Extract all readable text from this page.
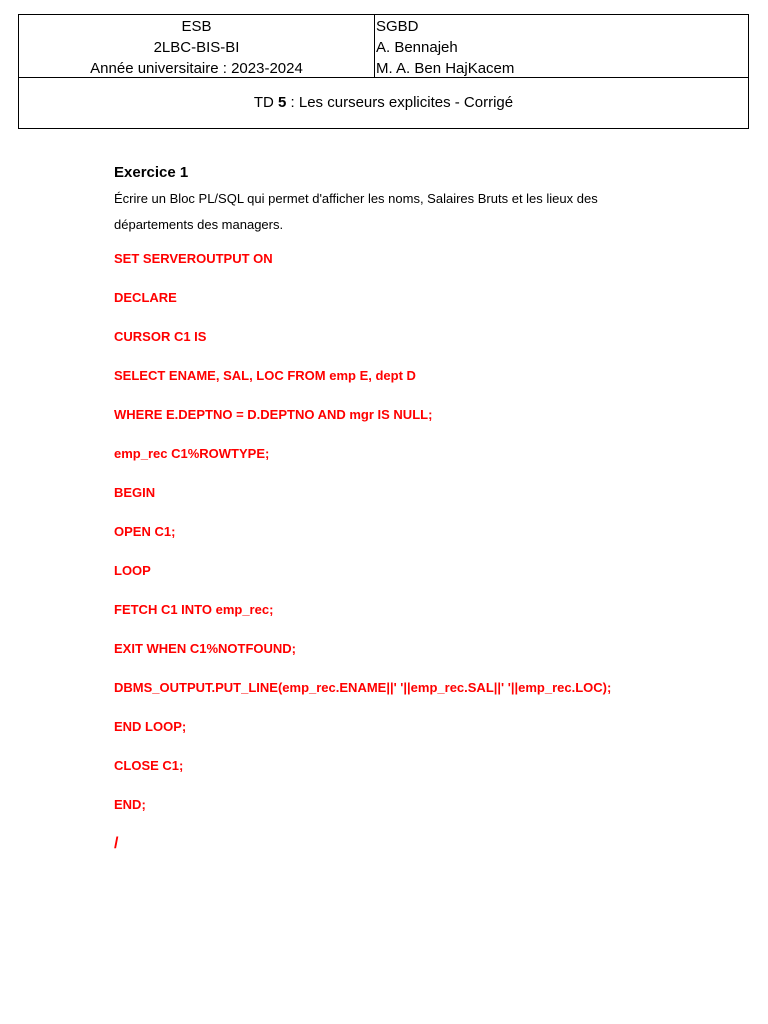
ESB
2LBC-BIS-BI
Année universitaire : 2023-2024
SGBD
A. Bennajeh
M. A. Ben HajKacem
TD 5 : Les curseurs explicites - Corrigé

Exercice 1

Écrire un Bloc PL/SQL qui permet d'afficher les noms, Salaires Bruts et les lieux des
départements des managers.

SET SERVEROUTPUT ON
DECLARE
CURSOR C1 IS
SELECT ENAME, SAL, LOC FROM emp E, dept D
WHERE E.DEPTNO = D.DEPTNO AND mgr IS NULL;
emp_rec C1%ROWTYPE;
BEGIN
OPEN C1;
LOOP
FETCH C1 INTO emp_rec;
EXIT WHEN C1%NOTFOUND;
DBMS_OUTPUT.PUT_LINE(emp_rec.ENAME||' '||emp_rec.SAL||' '||emp_rec.LOC);
END LOOP;
CLOSE C1;
END;
/
